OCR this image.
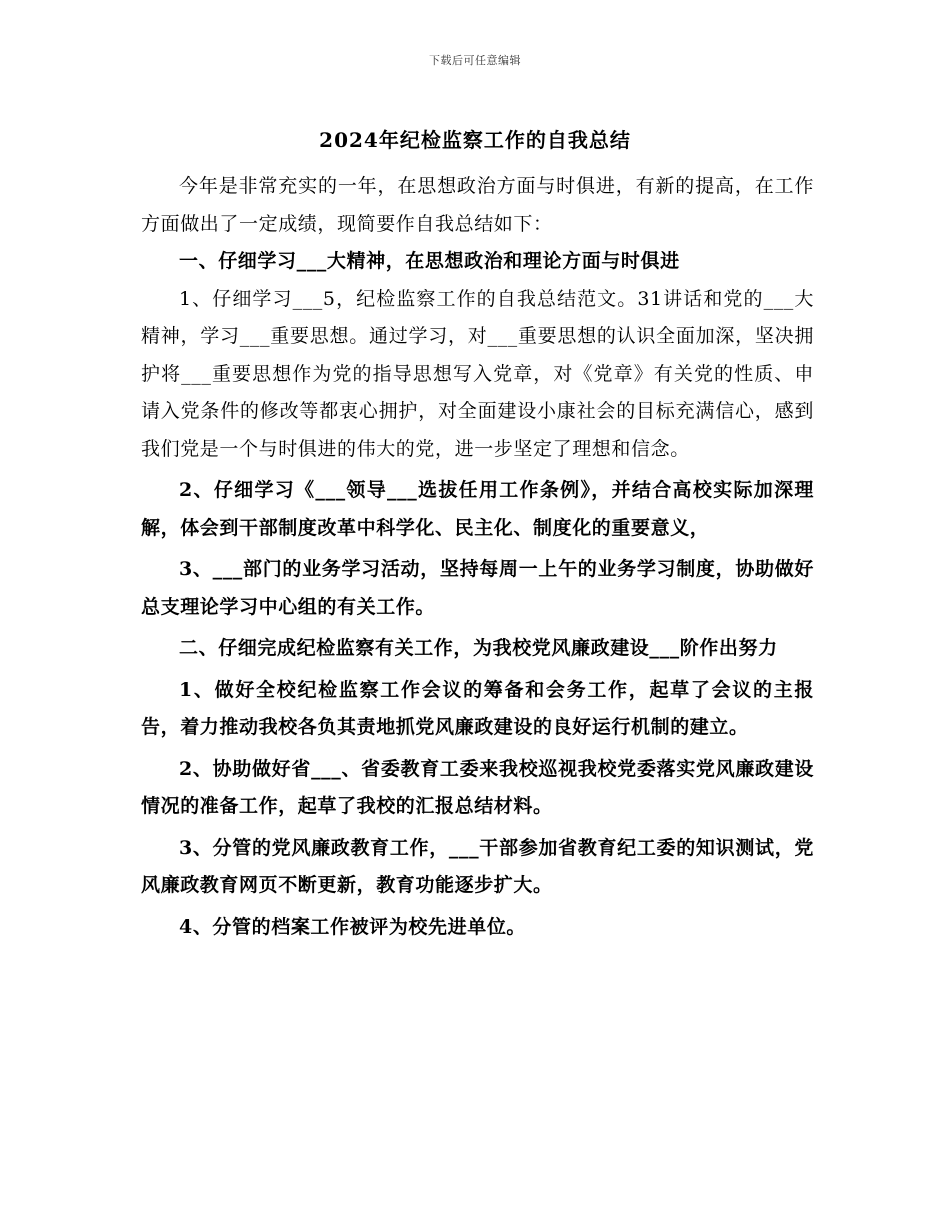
下载后可任意编辑
2024年纪检监察工作的自我总结

今年是非常充实的一年，在思想政治方面与时俱进，有新的提高，在工作方面做出了一定成绩，现简要作自我总结如下：

一、仔细学习___大精神，在思想政治和理论方面与时俱进

1、仔细学习___5，纪检监察工作的自我总结范文。31讲话和党的___大精神，学习___重要思想。通过学习，对___重要思想的认识全面加深，坚决拥护将___重要思想作为党的指导思想写入党章，对《党章》有关党的性质、申请入党条件的修改等都衷心拥护，对全面建设小康社会的目标充满信心，感到我们党是一个与时俱进的伟大的党，进一步坚定了理想和信念。

2、仔细学习《___领导___选拔任用工作条例》，并结合高校实际加深理解，体会到干部制度改革中科学化、民主化、制度化的重要意义，

3、___部门的业务学习活动，坚持每周一上午的业务学习制度，协助做好总支理论学习中心组的有关工作。

二、仔细完成纪检监察有关工作，为我校党风廉政建设___阶作出努力

1、做好全校纪检监察工作会议的筹备和会务工作，起草了会议的主报告，着力推动我校各负其责地抓党风廉政建设的良好运行机制的建立。

2、协助做好省___、省委教育工委来我校巡视我校党委落实党风廉政建设情况的准备工作，起草了我校的汇报总结材料。

3、分管的党风廉政教育工作，___干部参加省教育纪工委的知识测试，党风廉政教育网页不断更新，教育功能逐步扩大。

4、分管的档案工作被评为校先进单位。
